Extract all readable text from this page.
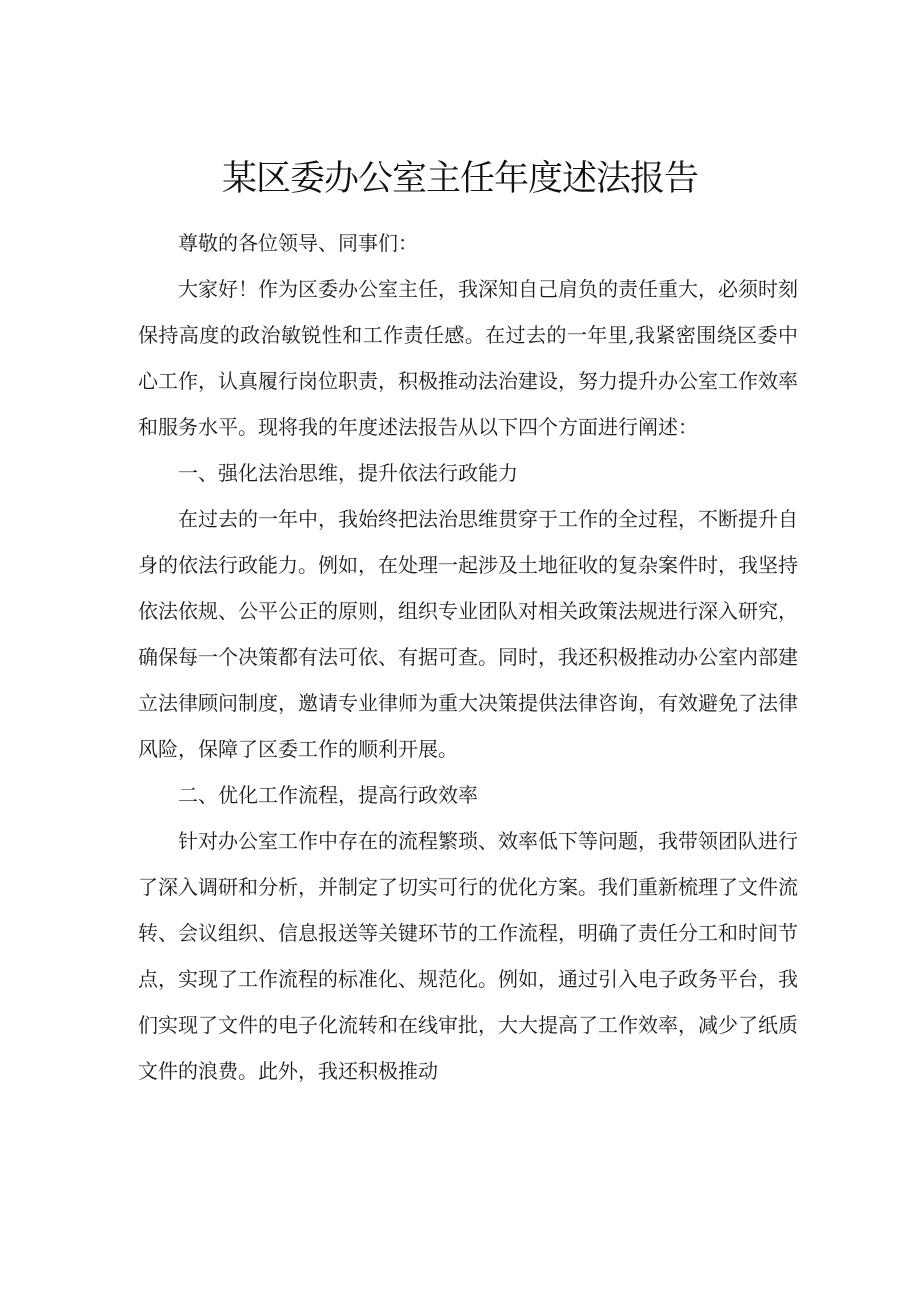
某区委办公室主任年度述法报告

尊敬的各位领导、同事们：

大家好！作为区委办公室主任，我深知自己肩负的责任重大，必须时刻保持高度的政治敏锐性和工作责任感。在过去的一年里,我紧密围绕区委中心工作，认真履行岗位职责，积极推动法治建设，努力提升办公室工作效率和服务水平。现将我的年度述法报告从以下四个方面进行阐述：

一、强化法治思维，提升依法行政能力

在过去的一年中，我始终把法治思维贯穿于工作的全过程，不断提升自身的依法行政能力。例如，在处理一起涉及土地征收的复杂案件时，我坚持依法依规、公平公正的原则，组织专业团队对相关政策法规进行深入研究，确保每一个决策都有法可依、有据可查。同时，我还积极推动办公室内部建立法律顾问制度，邀请专业律师为重大决策提供法律咨询，有效避免了法律风险，保障了区委工作的顺利开展。

二、优化工作流程，提高行政效率

针对办公室工作中存在的流程繁琐、效率低下等问题，我带领团队进行了深入调研和分析，并制定了切实可行的优化方案。我们重新梳理了文件流转、会议组织、信息报送等关键环节的工作流程，明确了责任分工和时间节点，实现了工作流程的标准化、规范化。例如，通过引入电子政务平台，我们实现了文件的电子化流转和在线审批，大大提高了工作效率，减少了纸质文件的浪费。此外，我还积极推动
